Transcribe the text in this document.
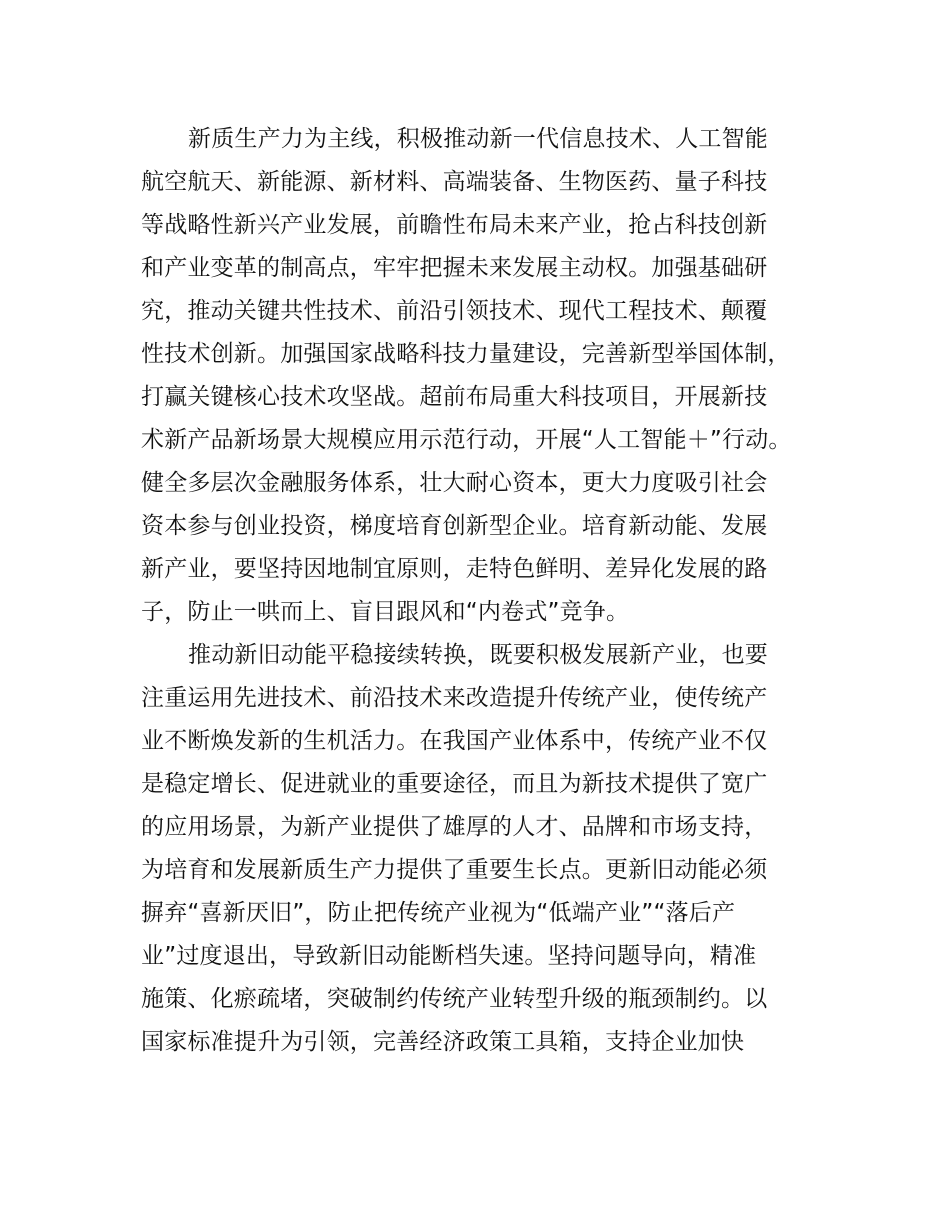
新质生产力为主线，积极推动新一代信息技术、人工智能
航空航天、新能源、新材料、高端装备、生物医药、量子科技
等战略性新兴产业发展，前瞻性布局未来产业，抢占科技创新
和产业变革的制高点，牢牢把握未来发展主动权。加强基础研
究，推动关键共性技术、前沿引领技术、现代工程技术、颠覆
性技术创新。加强国家战略科技力量建设，完善新型举国体制，
打赢关键核心技术攻坚战。超前布局重大科技项目，开展新技
术新产品新场景大规模应用示范行动，开展“人工智能＋”行动。
健全多层次金融服务体系，壮大耐心资本，更大力度吸引社会
资本参与创业投资，梯度培育创新型企业。培育新动能、发展
新产业，要坚持因地制宜原则，走特色鲜明、差异化发展的路
子，防止一哄而上、盲目跟风和“内卷式”竞争。

推动新旧动能平稳接续转换，既要积极发展新产业，也要
注重运用先进技术、前沿技术来改造提升传统产业，使传统产
业不断焕发新的生机活力。在我国产业体系中，传统产业不仅
是稳定增长、促进就业的重要途径，而且为新技术提供了宽广
的应用场景，为新产业提供了雄厚的人才、品牌和市场支持，
为培育和发展新质生产力提供了重要生长点。更新旧动能必须
摒弃“喜新厌旧”，防止把传统产业视为“低端产业”“落后产
业”过度退出，导致新旧动能断档失速。坚持问题导向，精准
施策、化瘀疏堵，突破制约传统产业转型升级的瓶颈制约。以
国家标准提升为引领，完善经济政策工具箱，支持企业加快
